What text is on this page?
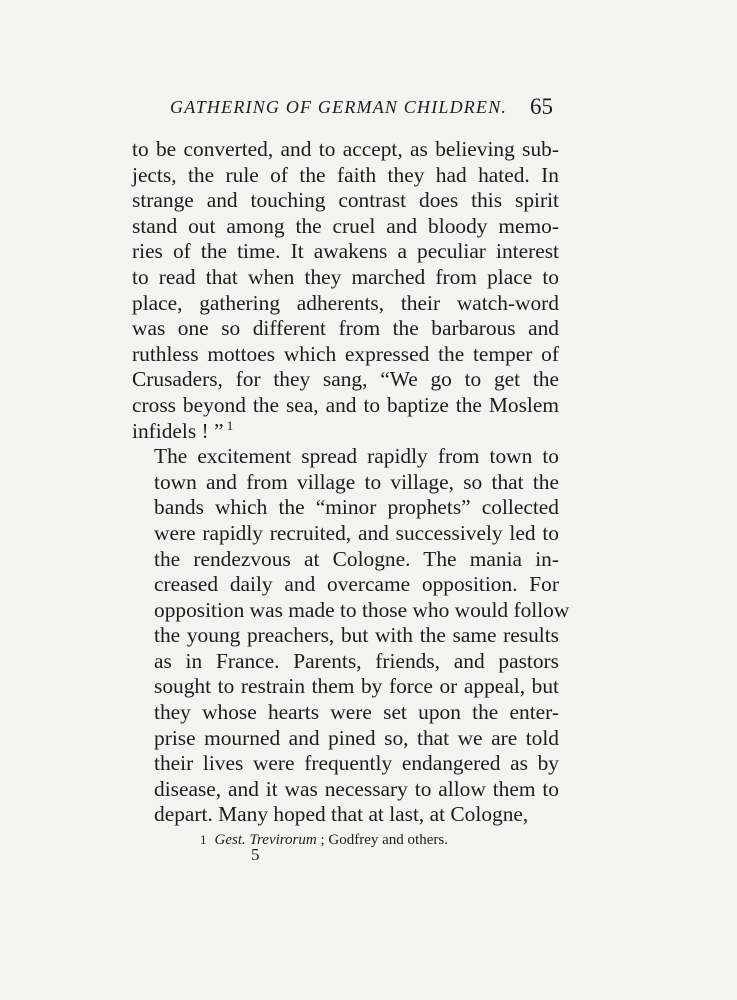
GATHERING OF GERMAN CHILDREN. 65

to be converted, and to accept, as believing sub-
jects, the rule of the faith they had hated. In
strange and touching contrast does this spirit
stand out among the cruel and bloody memo-
ries of the time. It awakens a peculiar interest
to read that when they marched from place to
place, gathering adherents, their watch-word
was one so different from the barbarous and
ruthless mottoes which expressed the temper of
Crusaders, for they sang, “We go to get the
cross beyond the sea, and to baptize the Moslem
infidels ! ” $^1$

The excitement spread rapidly from town to
town and from village to village, so that the
bands which the “minor prophets” collected
were rapidly recruited, and successively led to
the rendezvous at Cologne. The mania in-
creased daily and overcame opposition. For
opposition was made to those who would follow
the young preachers, but with the same results
as in France. Parents, friends, and pastors
sought to restrain them by force or appeal, but
they whose hearts were set upon the enter-
prise mourned and pined so, that we are told
their lives were frequently endangered as by
disease, and it was necessary to allow them to
depart. Many hoped that at last, at Cologne,

1 Gest. Trevirorum ; Godfrey and others.
5
